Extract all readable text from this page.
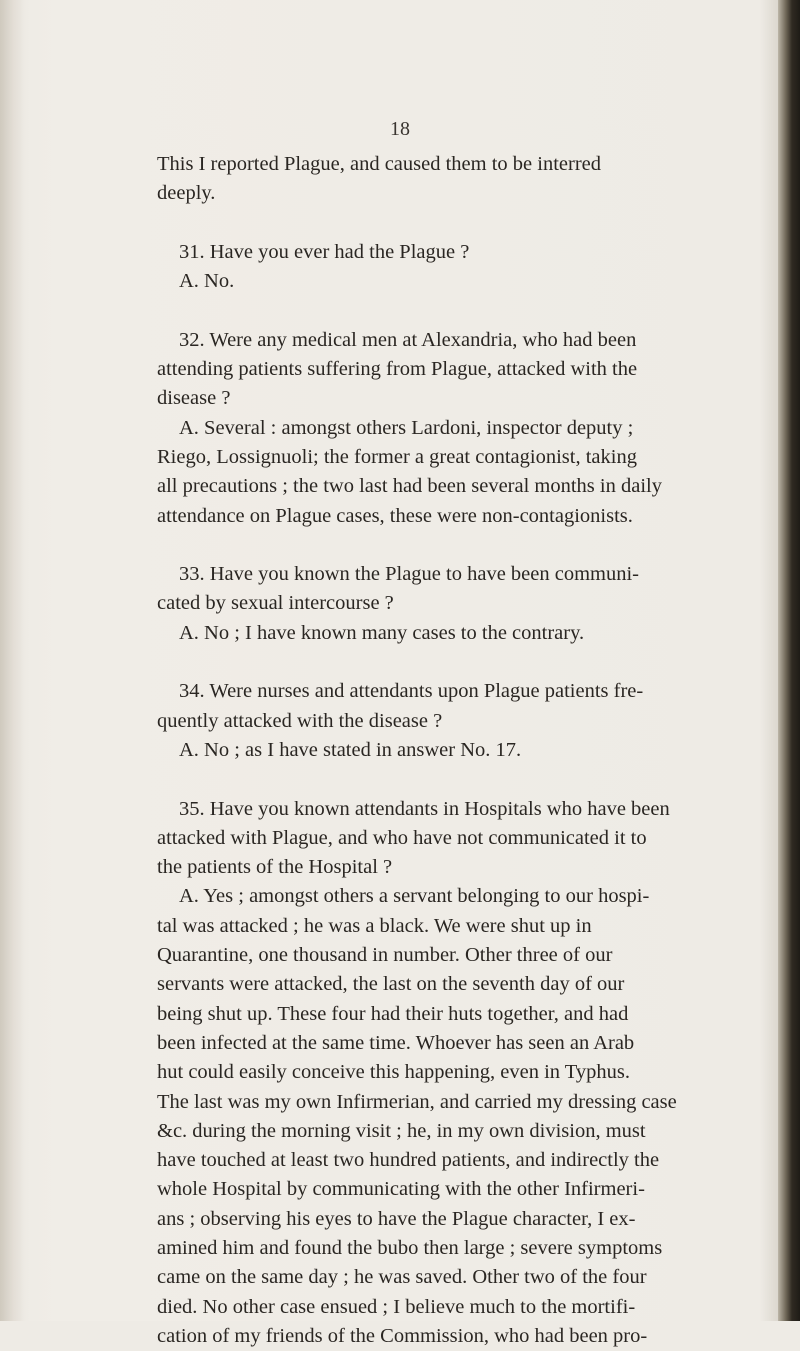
18
This I reported Plague, and caused them to be interred
deeply.
31. Have you ever had the Plague ?
A. No.
32. Were any medical men at Alexandria, who had been
attending patients suffering from Plague, attacked with the
disease ?
A. Several : amongst others Lardoni, inspector deputy ;
Riego, Lossignuoli; the former a great contagionist, taking
all precautions ; the two last had been several months in daily
attendance on Plague cases, these were non-contagionists.
33. Have you known the Plague to have been communi-
cated by sexual intercourse ?
A. No ; I have known many cases to the contrary.
34. Were nurses and attendants upon Plague patients fre-
quently attacked with the disease ?
A. No ; as I have stated in answer No. 17.
35. Have you known attendants in Hospitals who have been
attacked with Plague, and who have not communicated it to
the patients of the Hospital ?
A. Yes ; amongst others a servant belonging to our hospi-
tal was attacked ; he was a black. We were shut up in
Quarantine, one thousand in number. Other three of our
servants were attacked, the last on the seventh day of our
being shut up. These four had their huts together, and had
been infected at the same time. Whoever has seen an Arab
hut could easily conceive this happening, even in Typhus.
The last was my own Infirmerian, and carried my dressing case
&c. during the morning visit ; he, in my own division, must
have touched at least two hundred patients, and indirectly the
whole Hospital by communicating with the other Infirmeri-
ans ; observing his eyes to have the Plague character, I ex-
amined him and found the bubo then large ; severe symptoms
came on the same day ; he was saved. Other two of the four
died. No other case ensued ; I believe much to the mortifi-
cation of my friends of the Commission, who had been pro-
